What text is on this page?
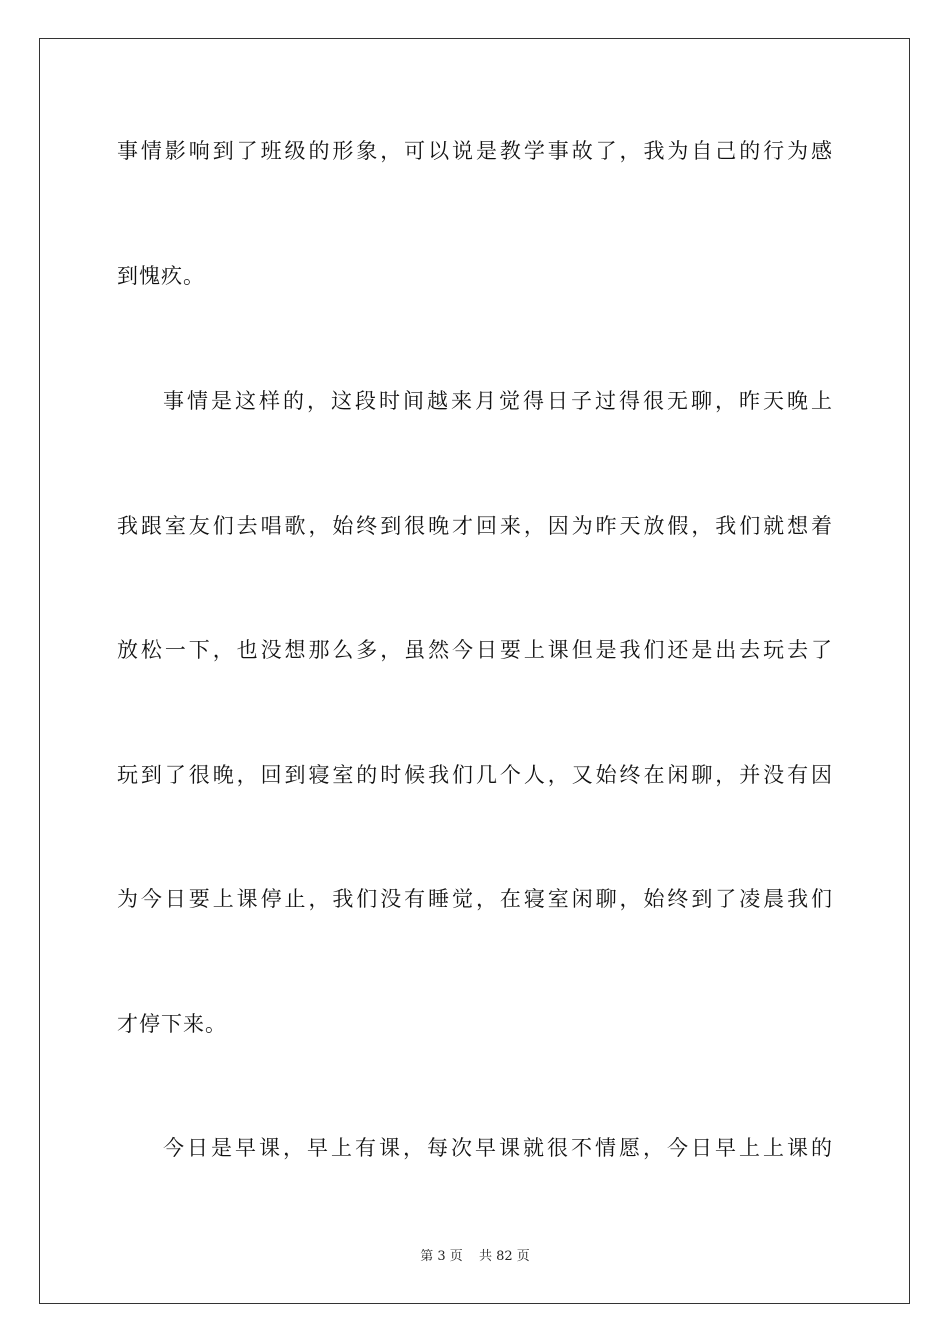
事情影响到了班级的形象，可以说是教学事故了，我为自己的行为感
到愧疚。
事情是这样的，这段时间越来月觉得日子过得很无聊，昨天晚上
我跟室友们去唱歌，始终到很晚才回来，因为昨天放假，我们就想着
放松一下，也没想那么多，虽然今日要上课但是我们还是出去玩去了
玩到了很晚，回到寝室的时候我们几个人，又始终在闲聊，并没有因
为今日要上课停止，我们没有睡觉，在寝室闲聊，始终到了凌晨我们
才停下来。
今日是早课，早上有课，每次早课就很不情愿，今日早上上课的
第 3 页 共 82 页
